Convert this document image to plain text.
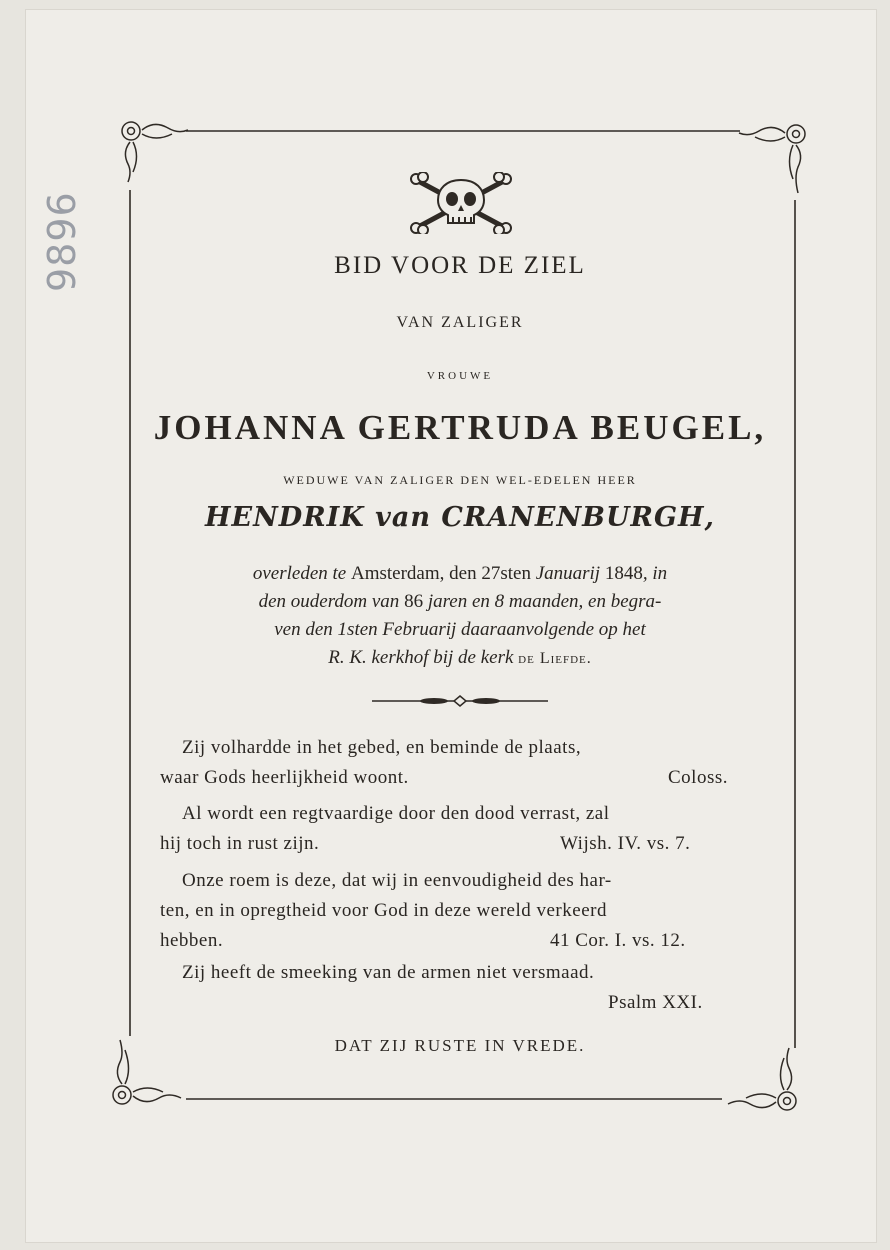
9896	BID VOOR DE ZIEL
VAN ZALIGER
VROUWE
JOHANNA GERTRUDA BEUGEL,
WEDUWE VAN ZALIGER DEN WEL-EDELEN HEER
HENDRIK van CRANENBURGH,
overleden te Amsterdam, den 27sten Januarij 1848, in
den ouderdom van 86 jaren en 8 maanden, en begra-
ven den 1sten Februarij daaraanvolgende op het
R. K. kerkhof bij de kerk de Liefde.
Zij volhardde in het gebed, en beminde de plaats,
waar Gods heerlijkheid woont.	Coloss.
Al wordt een regtvaardige door den dood verrast, zal
hij toch in rust zijn.	Wijsh. IV. vs. 7.
Onze roem is deze, dat wij in eenvoudigheid des har-
ten, en in opregtheid voor God in deze wereld verkeerd
hebben.	41 Cor. I. vs. 12.
Zij heeft de smeeking van de armen niet versmaad.
Psalm XXI.
DAT ZIJ RUSTE IN VREDE.
